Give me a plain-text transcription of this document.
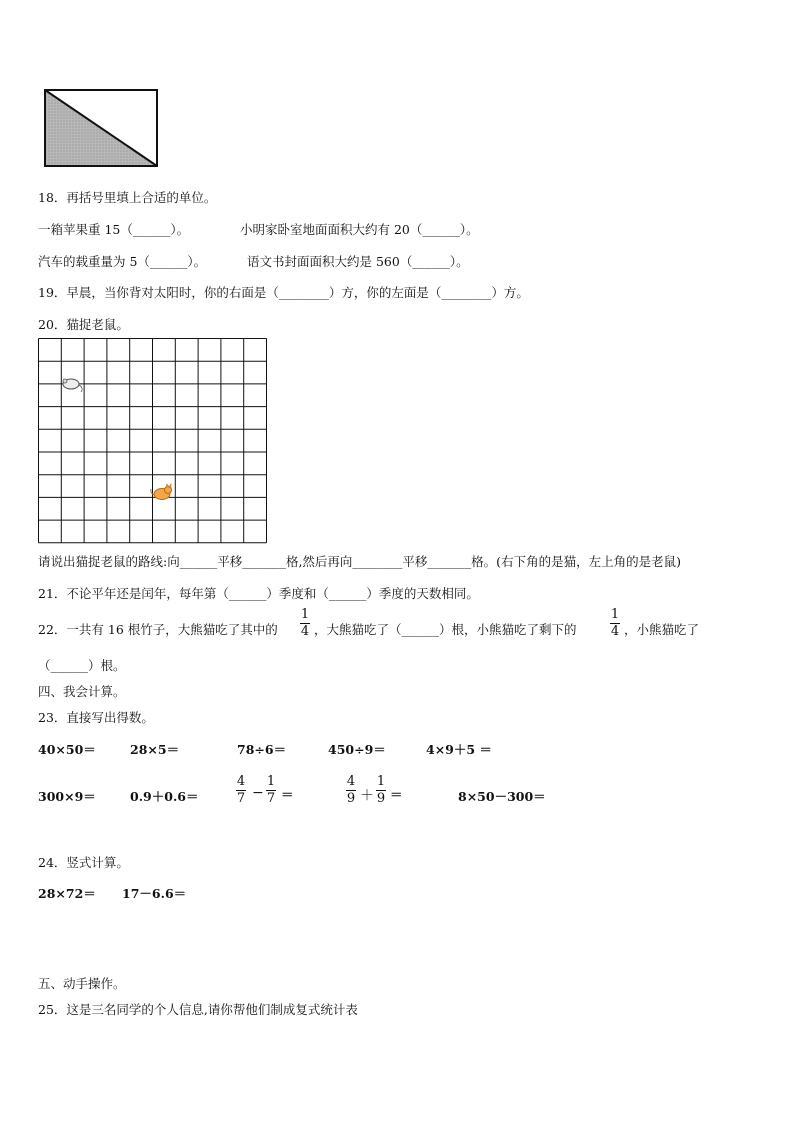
18．再括号里填上合适的单位。
一箱苹果重 15（______）。	小明家卧室地面面积大约有 20（______）。
汽车的载重量为 5（______）。	语文书封面面积大约是 560（______）。
19．早晨，当你背对太阳时，你的右面是（________）方，你的左面是（________）方。
20．猫捉老鼠。
请说出猫捉老鼠的路线:向______平移_______格,然后再向________平移_______格。(右下角的是猫，左上角的是老鼠)
21．不论平年还是闰年，每年第（______）季度和（______）季度的天数相同。
22．一共有 16 根竹子，大熊猫吃了其中的
1
4 ，大熊猫吃了（______）根，小熊猫吃了剩下的
1
4 ，小熊猫吃了
（______）根。
四、我会计算。
23．直接写出得数。
40×50＝	28×5＝	78÷6＝	450÷9＝	4×9＋5 ＝
300×9＝	0.9＋0.6＝
4
7 −
1
7 ＝
4
9 ＋
1
9 ＝	8×50－300＝
24．竖式计算。
28×72＝ 17－6.6＝
五、动手操作。
25．这是三名同学的个人信息,请你帮他们制成复式统计表
